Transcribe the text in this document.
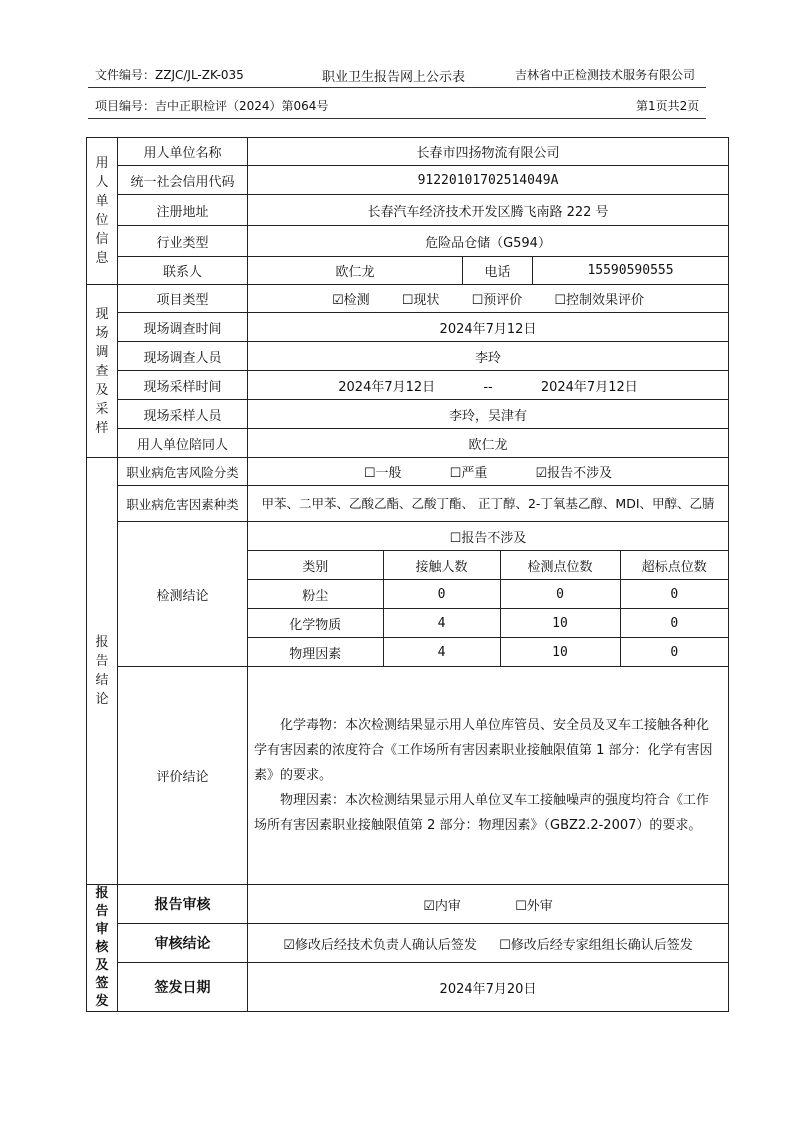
文件编号：ZZJC/JL-ZK-035	职业卫生报告网上公示表	吉林省中正检测技术服务有限公司
项目编号：吉中正职检评（2024）第064号	第1页共2页
用
人
单
位
信
息
	用人单位名称	长春市四扬物流有限公司
统一社会信用代码	91220101702514049A
注册地址	长春汽车经济技术开发区腾飞南路 222 号
行业类型	危险品仓储（G594）
联系人	欧仁龙	电话	15590590555

现
场
调
查
及
采
样
	项目类型	☑检测 ☐现状 ☐预评价 ☐控制效果评价
现场调查时间	2024年7月12日
现场调查人员	李玲
现场采样时间	2024年7月12日	--	2024年7月12日
现场采样人员	李玲，吴津有
用人单位陪同人	欧仁龙

报
告
结
论
	职业病危害风险分类	☐一般	☐严重	☑报告不涉及
职业病危害因素种类	甲苯、二甲苯、乙酸乙酯、乙酸丁酯、 正丁醇、2-丁氧基乙醇、MDI、甲醇、乙腈
检测结论	
☐报告不涉及
类别	接触人数	检测点位数	超标点位数
粉尘	0	0	0
化学物质	4	10	0
物理因素	4	10	0

评价结论	

化学毒物：本次检测结果显示用人单位库管员、安全员及叉车工接触各种化学有害因素的浓度符合《工作场所有害因素职业接触限值第 1 部分：化学有害因素》的要求。

物理因素：本次检测结果显示用人单位叉车工接触噪声的强度均符合《工作场所有害因素职业接触限值第 2 部分：物理因素》（GBZ2.2-2007）的要求。

报
告
审
核
及
签
发
	报告审核	☑内审	☐外审
审核结论	☑修改后经技术负责人确认后签发 ☐修改后经专家组组长确认后签发
签发日期	2024年7月20日
